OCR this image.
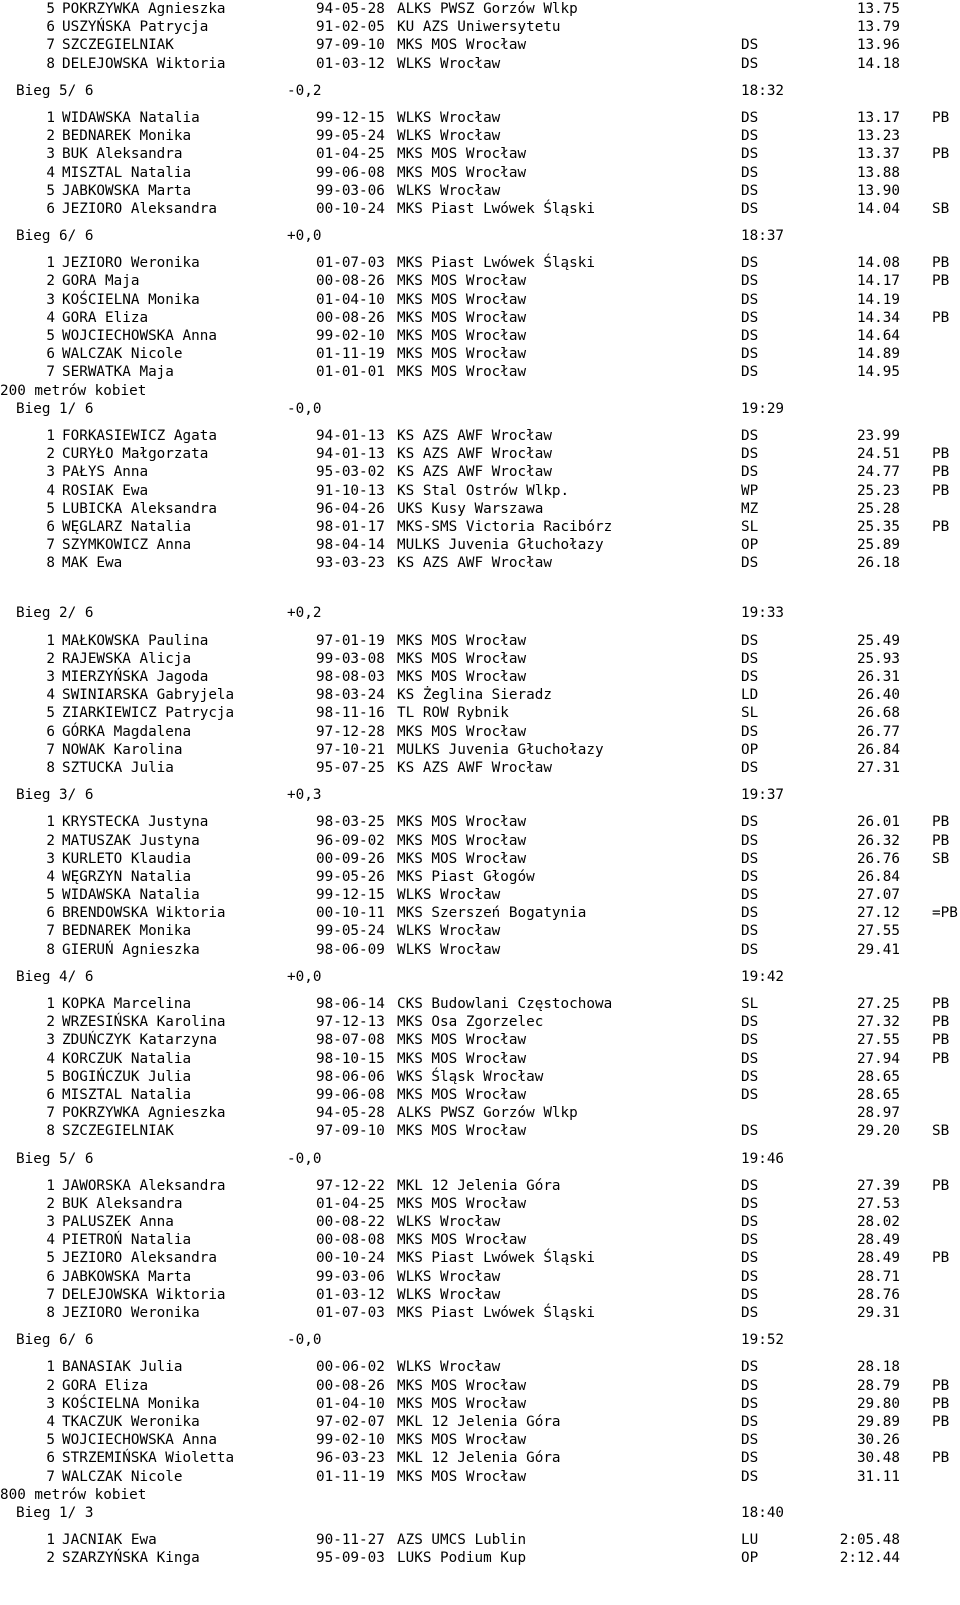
5 POKRZYWKA Agnieszka	94-05-28 ALKS PWSZ Gorzów Wlkp	13.75
6 USZYŃSKA Patrycja	91-02-05 KU AZS Uniwersytetu	13.79
7 SZCZEGIELNIAK	97-09-10 MKS MOS Wrocław	DS	13.96
8 DELEJOWSKA Wiktoria	01-03-12 WLKS Wrocław	DS	14.18
Bieg 5/ 6	-0,2	18:32
1 WIDAWSKA Natalia	99-12-15 WLKS Wrocław	DS	13.17 PB
2 BEDNAREK Monika	99-05-24 WLKS Wrocław	DS	13.23
3 BUK Aleksandra	01-04-25 MKS MOS Wrocław	DS	13.37 PB
4 MISZTAL Natalia	99-06-08 MKS MOS Wrocław	DS	13.88
5 JABKOWSKA Marta	99-03-06 WLKS Wrocław	DS	13.90
6 JEZIORO Aleksandra	00-10-24 MKS Piast Lwówek Śląski	DS	14.04 SB
Bieg 6/ 6	+0,0	18:37
1 JEZIORO Weronika	01-07-03 MKS Piast Lwówek Śląski	DS	14.08 PB
2 GORA Maja	00-08-26 MKS MOS Wrocław	DS	14.17 PB
3 KOŚCIELNA Monika	01-04-10 MKS MOS Wrocław	DS	14.19
4 GORA Eliza	00-08-26 MKS MOS Wrocław	DS	14.34 PB
5 WOJCIECHOWSKA Anna	99-02-10 MKS MOS Wrocław	DS	14.64
6 WALCZAK Nicole	01-11-19 MKS MOS Wrocław	DS	14.89
7 SERWATKA Maja	01-01-01 MKS MOS Wrocław	DS	14.95
200 metrów kobiet
Bieg 1/ 6	-0,0	19:29
1 FORKASIEWICZ Agata	94-01-13 KS AZS AWF Wrocław	DS	23.99
2 CURYŁO Małgorzata	94-01-13 KS AZS AWF Wrocław	DS	24.51 PB
3 PAŁYS Anna	95-03-02 KS AZS AWF Wrocław	DS	24.77 PB
4 ROSIAK Ewa	91-10-13 KS Stal Ostrów Wlkp.	WP	25.23 PB
5 LUBICKA Aleksandra	96-04-26 UKS Kusy Warszawa	MZ	25.28
6 WĘGLARZ Natalia	98-01-17 MKS-SMS Victoria Racibórz	SL	25.35 PB
7 SZYMKOWICZ Anna	98-04-14 MULKS Juvenia Głuchołazy	OP	25.89
8 MAK Ewa	93-03-23 KS AZS AWF Wrocław	DS	26.18
Bieg 2/ 6	+0,2	19:33
1 MAŁKOWSKA Paulina	97-01-19 MKS MOS Wrocław	DS	25.49
2 RAJEWSKA Alicja	99-03-08 MKS MOS Wrocław	DS	25.93
3 MIERZYŃSKA Jagoda	98-08-03 MKS MOS Wrocław	DS	26.31
4 SWINIARSKA Gabryjela	98-03-24 KS Żeglina Sieradz	LD	26.40
5 ZIARKIEWICZ Patrycja	98-11-16 TL ROW Rybnik	SL	26.68
6 GÓRKA Magdalena	97-12-28 MKS MOS Wrocław	DS	26.77
7 NOWAK Karolina	97-10-21 MULKS Juvenia Głuchołazy	OP	26.84
8 SZTUCKA Julia	95-07-25 KS AZS AWF Wrocław	DS	27.31
Bieg 3/ 6	+0,3	19:37
1 KRYSTECKA Justyna	98-03-25 MKS MOS Wrocław	DS	26.01 PB
2 MATUSZAK Justyna	96-09-02 MKS MOS Wrocław	DS	26.32 PB
3 KURLETO Klaudia	00-09-26 MKS MOS Wrocław	DS	26.76 SB
4 WĘGRZYN Natalia	99-05-26 MKS Piast Głogów	DS	26.84
5 WIDAWSKA Natalia	99-12-15 WLKS Wrocław	DS	27.07
6 BRENDOWSKA Wiktoria	00-10-11 MKS Szerszeń Bogatynia	DS	27.12 =PB
7 BEDNAREK Monika	99-05-24 WLKS Wrocław	DS	27.55
8 GIERUŃ Agnieszka	98-06-09 WLKS Wrocław	DS	29.41
Bieg 4/ 6	+0,0	19:42
1 KOPKA Marcelina	98-06-14 CKS Budowlani Częstochowa	SL	27.25 PB
2 WRZESIŃSKA Karolina	97-12-13 MKS Osa Zgorzelec	DS	27.32 PB
3 ZDUŃCZYK Katarzyna	98-07-08 MKS MOS Wrocław	DS	27.55 PB
4 KORCZUK Natalia	98-10-15 MKS MOS Wrocław	DS	27.94 PB
5 BOGIŃCZUK Julia	98-06-06 WKS Śląsk Wrocław	DS	28.65
6 MISZTAL Natalia	99-06-08 MKS MOS Wrocław	DS	28.65
7 POKRZYWKA Agnieszka	94-05-28 ALKS PWSZ Gorzów Wlkp	28.97
8 SZCZEGIELNIAK	97-09-10 MKS MOS Wrocław	DS	29.20 SB
Bieg 5/ 6	-0,0	19:46
1 JAWORSKA Aleksandra	97-12-22 MKL 12 Jelenia Góra	DS	27.39 PB
2 BUK Aleksandra	01-04-25 MKS MOS Wrocław	DS	27.53
3 PALUSZEK Anna	00-08-22 WLKS Wrocław	DS	28.02
4 PIETROŃ Natalia	00-08-08 MKS MOS Wrocław	DS	28.49
5 JEZIORO Aleksandra	00-10-24 MKS Piast Lwówek Śląski	DS	28.49 PB
6 JABKOWSKA Marta	99-03-06 WLKS Wrocław	DS	28.71
7 DELEJOWSKA Wiktoria	01-03-12 WLKS Wrocław	DS	28.76
8 JEZIORO Weronika	01-07-03 MKS Piast Lwówek Śląski	DS	29.31
Bieg 6/ 6	-0,0	19:52
1 BANASIAK Julia	00-06-02 WLKS Wrocław	DS	28.18
2 GORA Eliza	00-08-26 MKS MOS Wrocław	DS	28.79 PB
3 KOŚCIELNA Monika	01-04-10 MKS MOS Wrocław	DS	29.80 PB
4 TKACZUK Weronika	97-02-07 MKL 12 Jelenia Góra	DS	29.89 PB
5 WOJCIECHOWSKA Anna	99-02-10 MKS MOS Wrocław	DS	30.26
6 STRZEMIŃSKA Wioletta	96-03-23 MKL 12 Jelenia Góra	DS	30.48 PB
7 WALCZAK Nicole	01-11-19 MKS MOS Wrocław	DS	31.11
800 metrów kobiet
Bieg 1/ 3	18:40
1 JACNIAK Ewa	90-11-27 AZS UMCS Lublin	LU	2:05.48
2 SZARZYŃSKA Kinga	95-09-03 LUKS Podium Kup	OP	2:12.44
